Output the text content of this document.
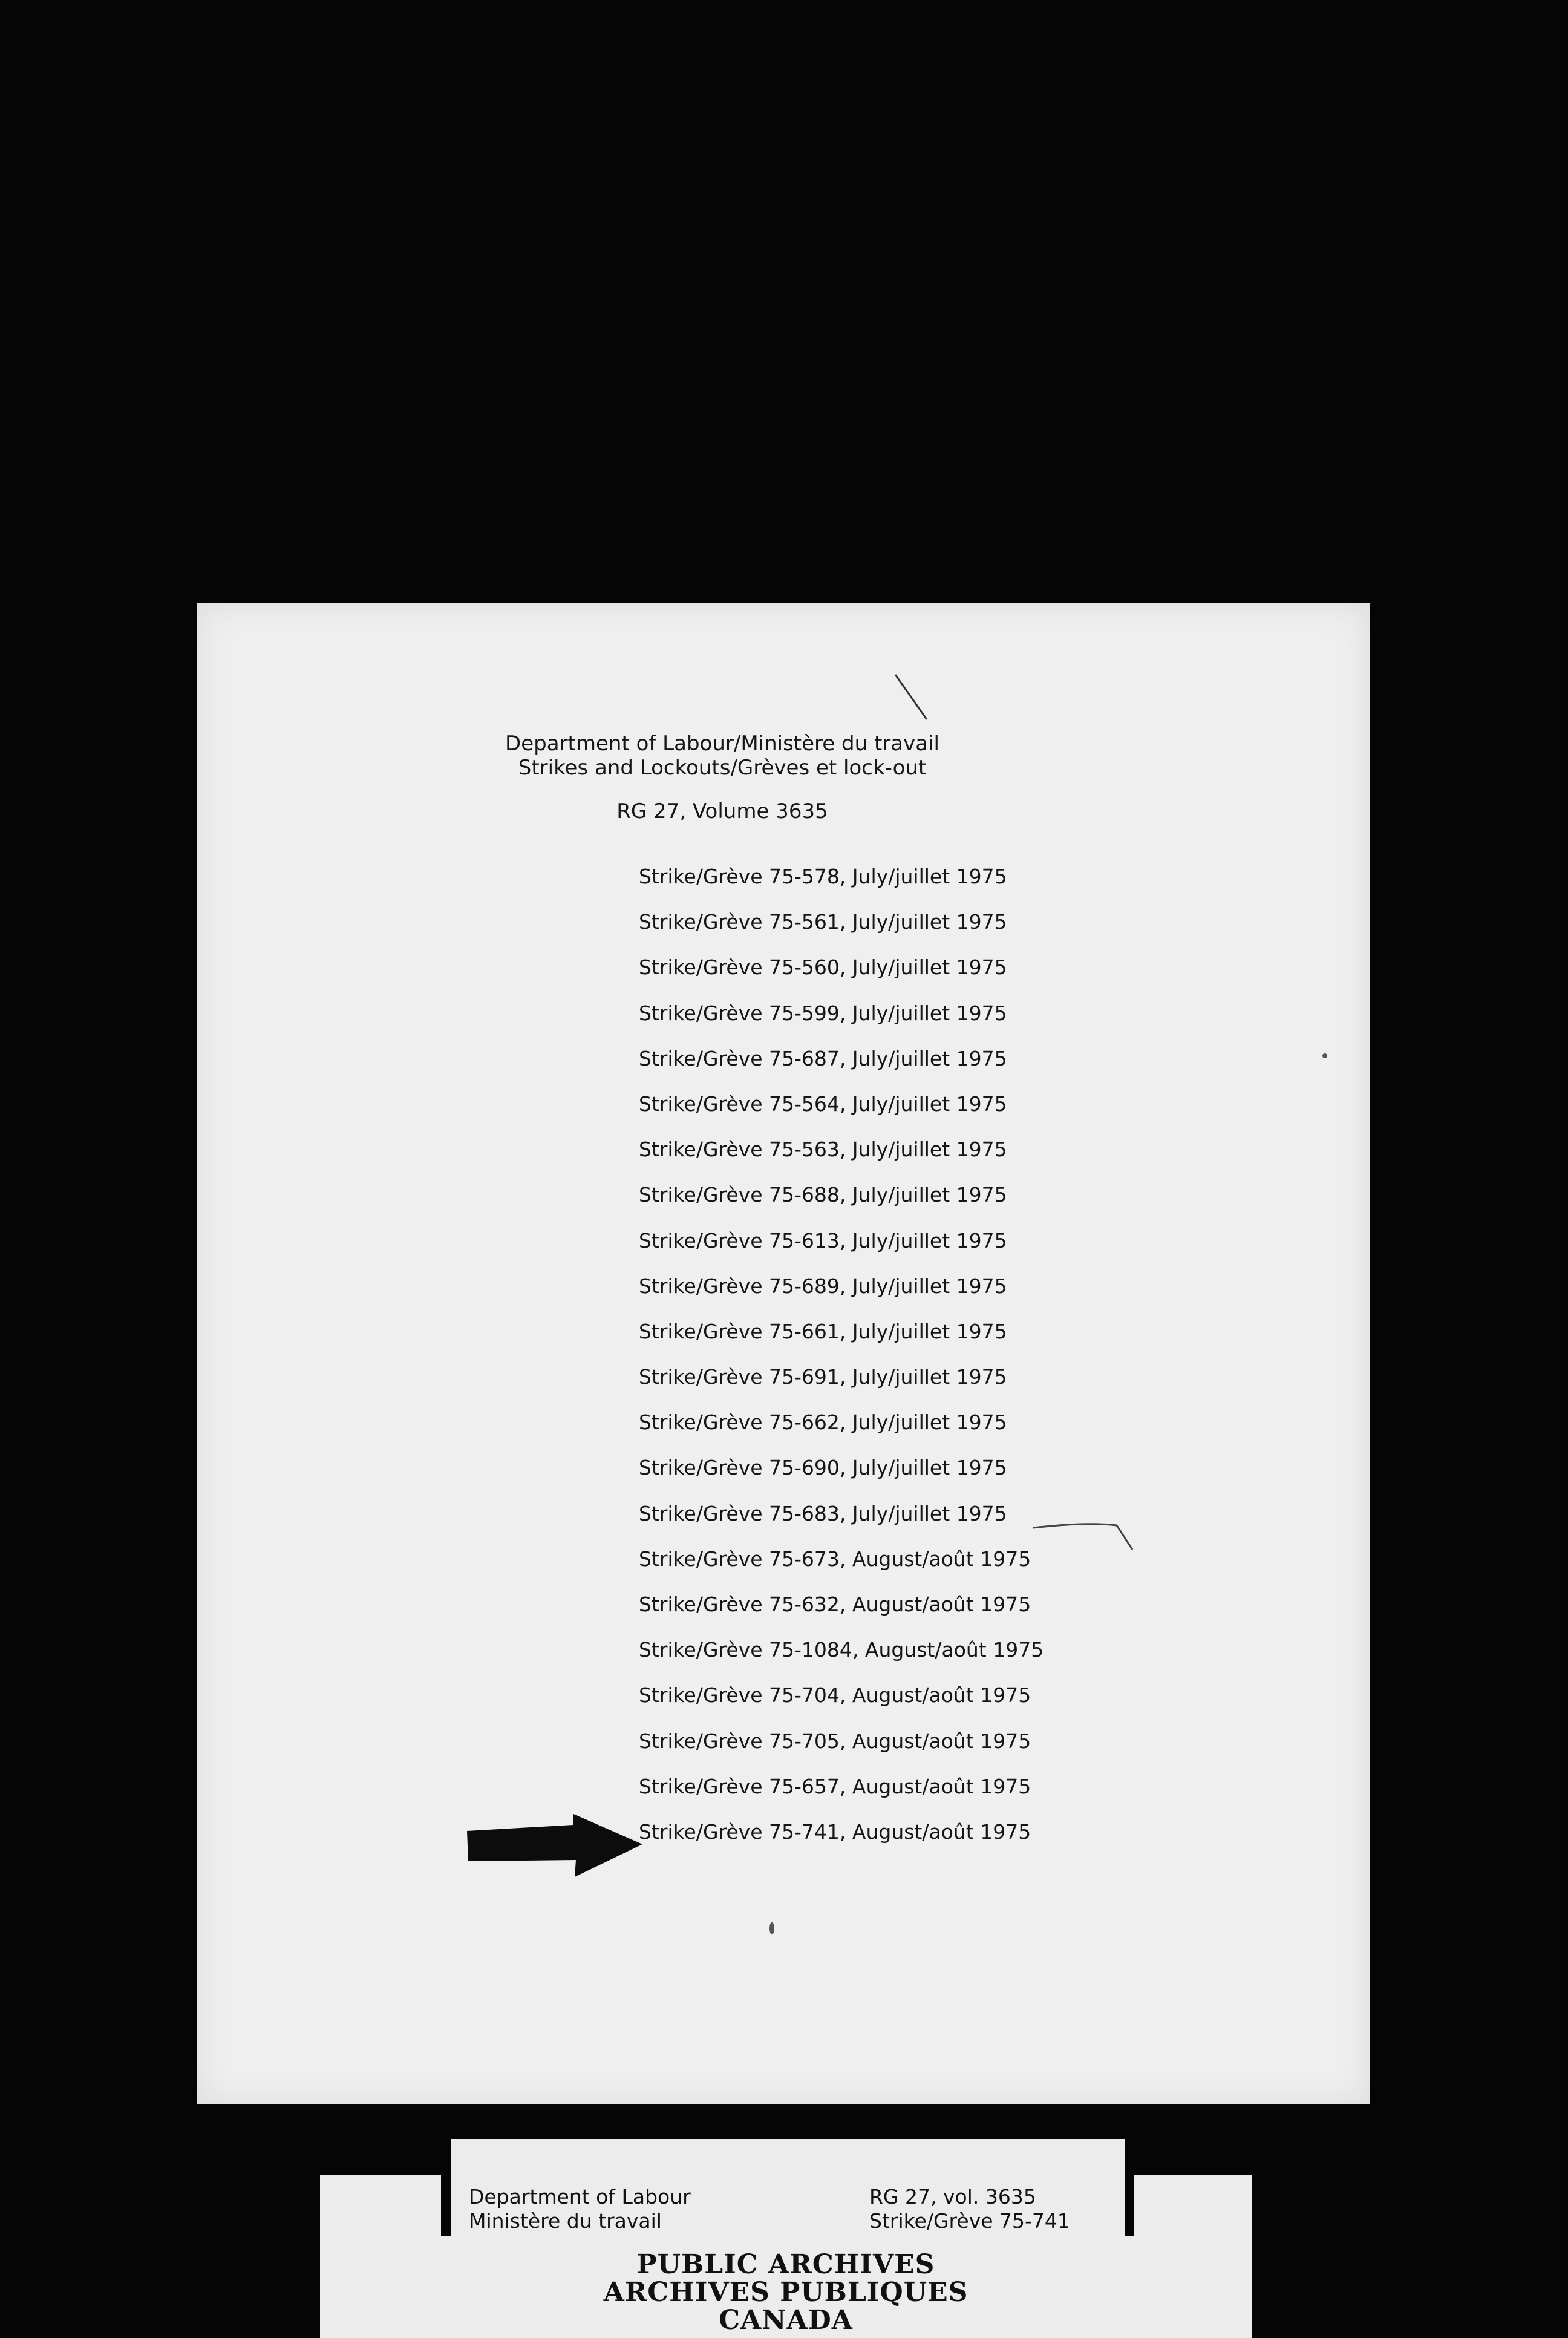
Department of Labour/Ministère du travail
Strikes and Lockouts/Grèves et lock-out
RG 27, Volume 3635
Strike/Grève 75-578, July/juillet 1975
Strike/Grève 75-561, July/juillet 1975
Strike/Grève 75-560, July/juillet 1975
Strike/Grève 75-599, July/juillet 1975
Strike/Grève 75-687, July/juillet 1975
Strike/Grève 75-564, July/juillet 1975
Strike/Grève 75-563, July/juillet 1975
Strike/Grève 75-688, July/juillet 1975
Strike/Grève 75-613, July/juillet 1975
Strike/Grève 75-689, July/juillet 1975
Strike/Grève 75-661, July/juillet 1975
Strike/Grève 75-691, July/juillet 1975
Strike/Grève 75-662, July/juillet 1975
Strike/Grève 75-690, July/juillet 1975
Strike/Grève 75-683, July/juillet 1975
Strike/Grève 75-673, August/août 1975
Strike/Grève 75-632, August/août 1975
Strike/Grève 75-1084, August/août 1975
Strike/Grève 75-704, August/août 1975
Strike/Grève 75-705, August/août 1975
Strike/Grève 75-657, August/août 1975
Strike/Grève 75-741, August/août 1975
Department of Labour
Ministère du travail
RG 27, vol. 3635
Strike/Grève 75-741
PUBLIC ARCHIVES
ARCHIVES PUBLIQUES
CANADA
